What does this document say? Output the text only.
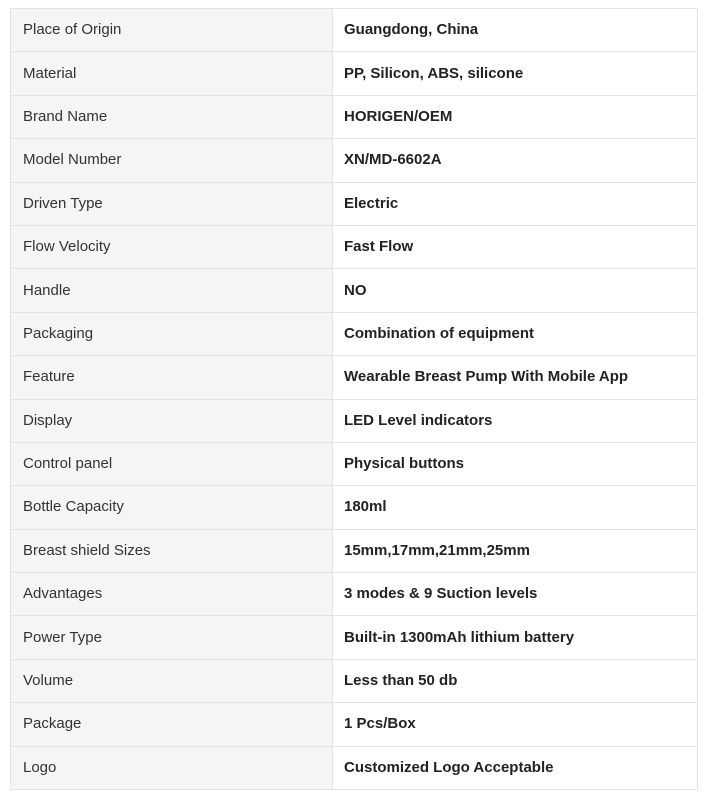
Place of Origin	Guangdong, China
Material	PP, Silicon, ABS, silicone
Brand Name	HORIGEN/OEM
Model Number	XN/MD-6602A
Driven Type	Electric
Flow Velocity	Fast Flow
Handle	NO
Packaging	Combination of equipment
Feature	Wearable Breast Pump With Mobile App
Display	LED Level indicators
Control panel	Physical buttons
Bottle Capacity	180ml
Breast shield Sizes	15mm,17mm,21mm,25mm
Advantages	3 modes & 9 Suction levels
Power Type	Built-in 1300mAh lithium battery
Volume	Less than 50 db
Package	1 Pcs/Box
Logo	Customized Logo Acceptable
